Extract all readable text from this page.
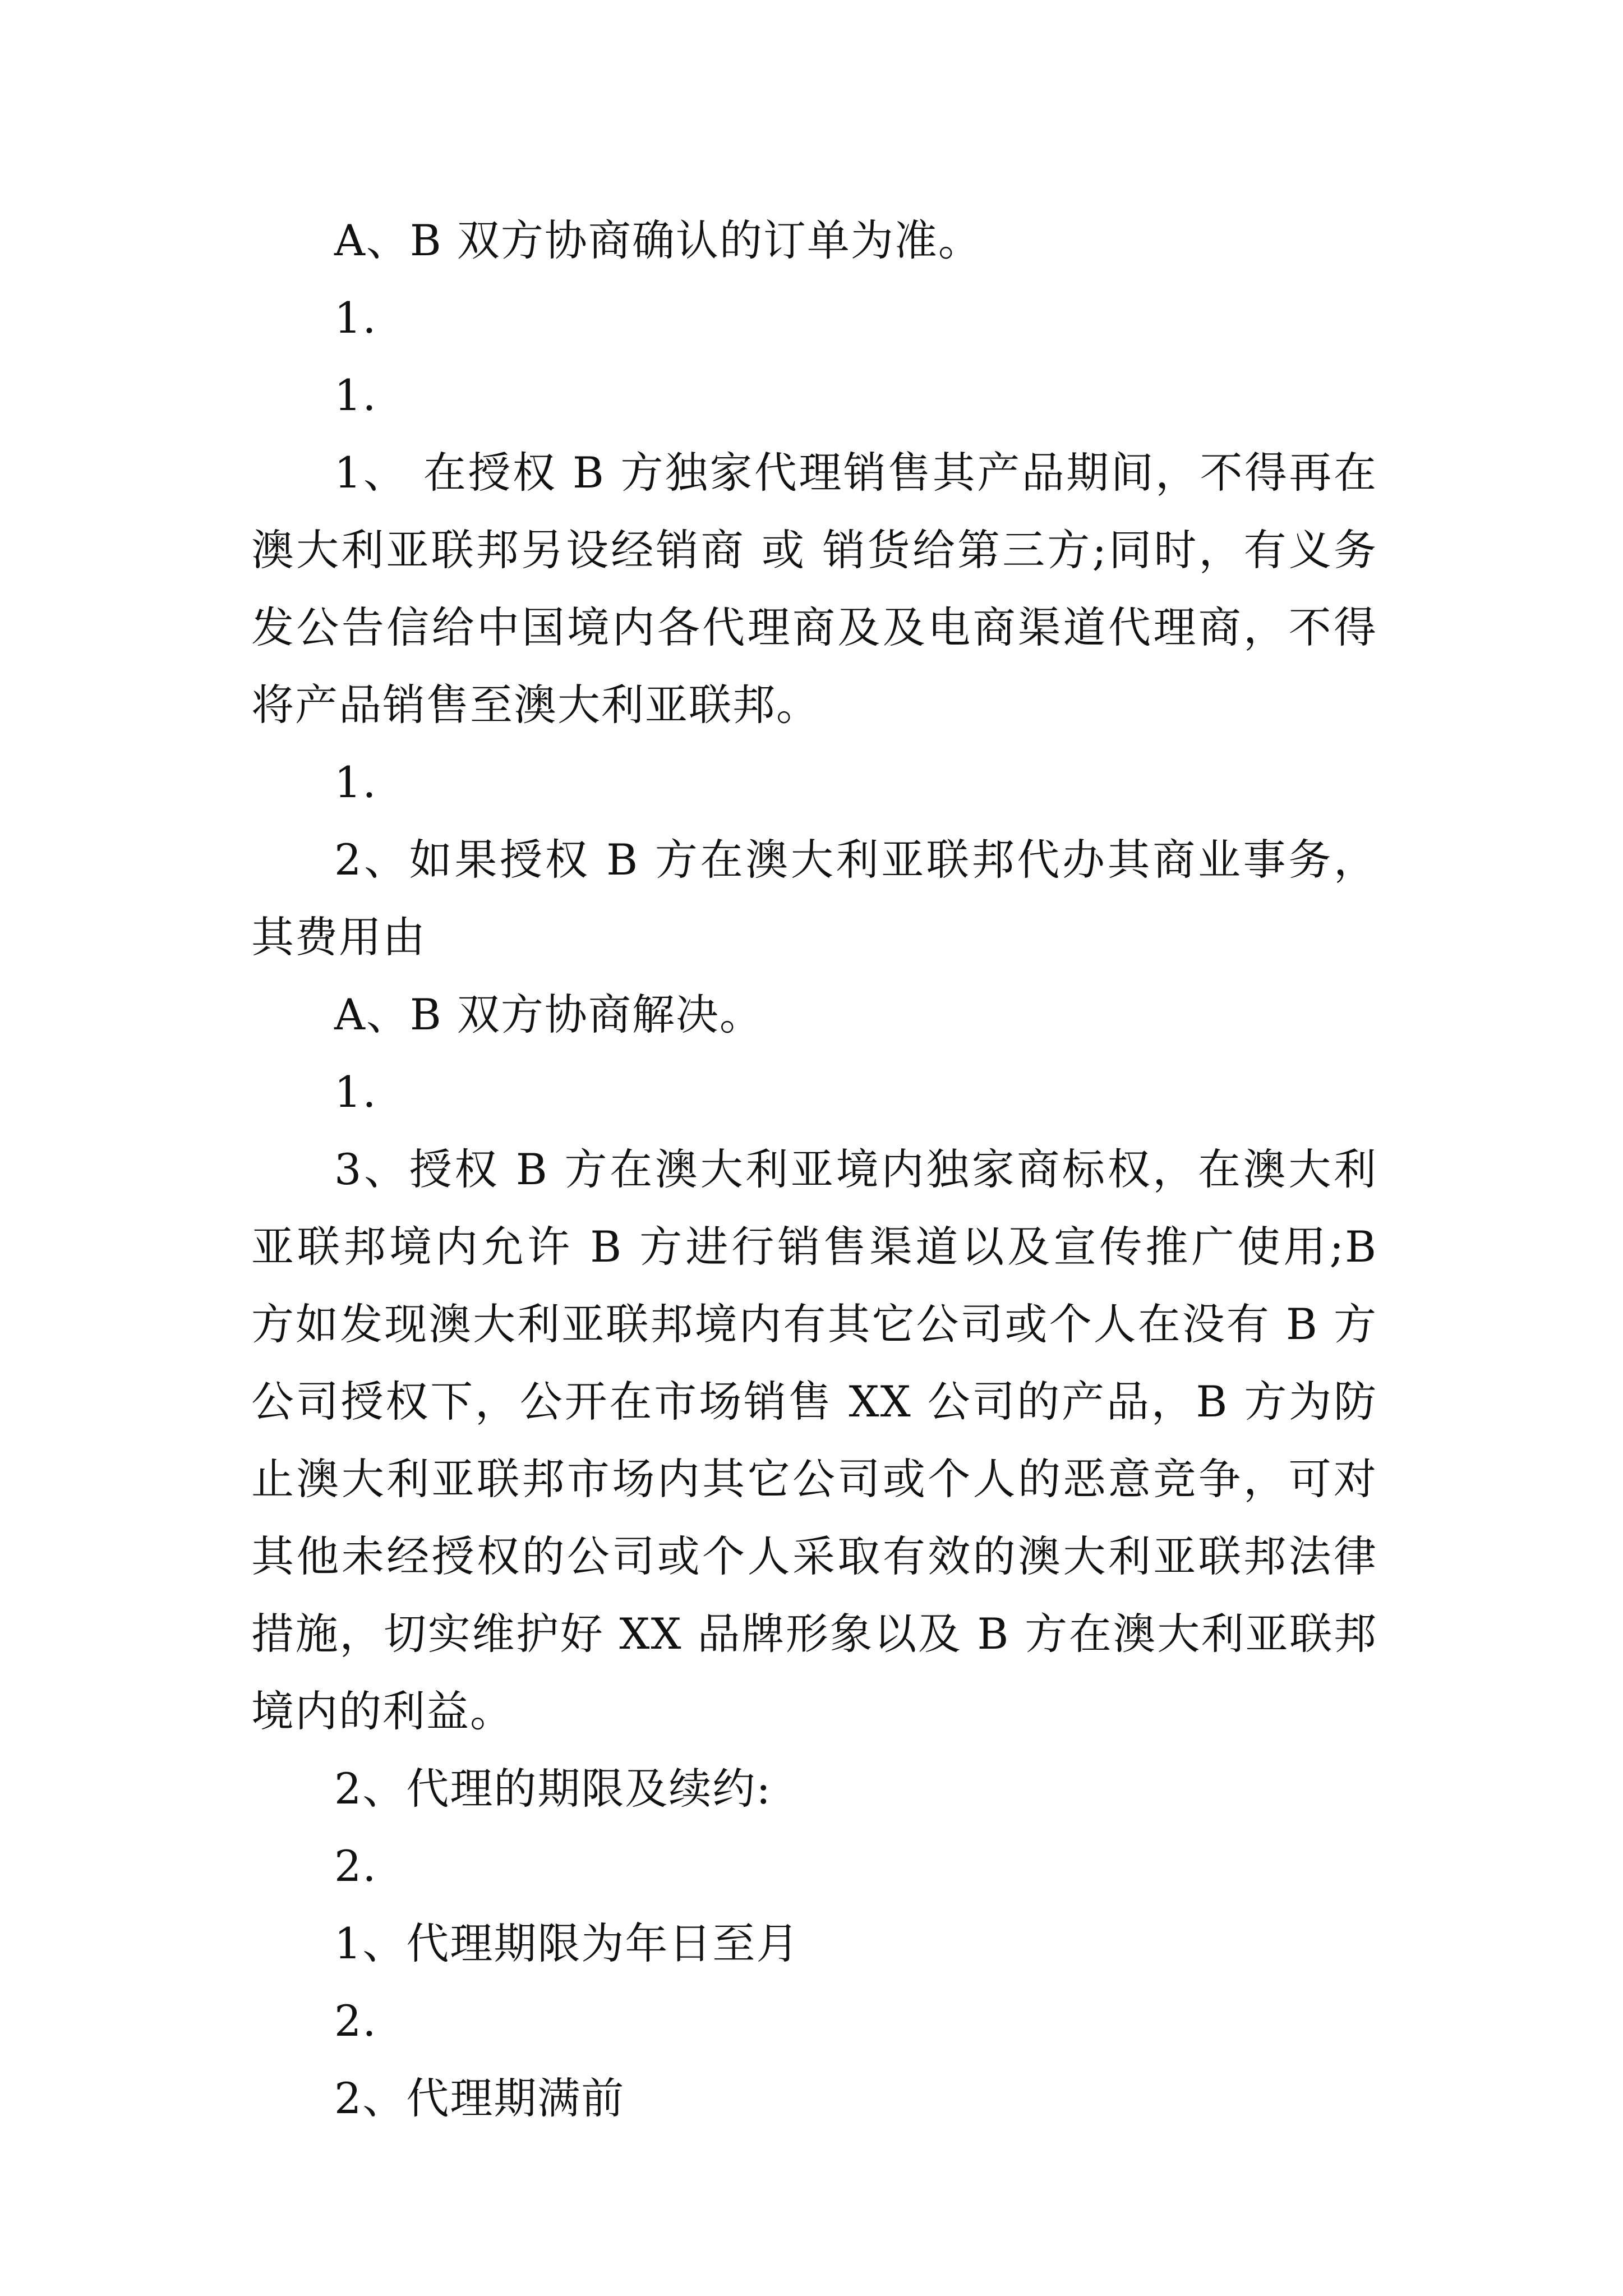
A、B 双方协商确认的订单为准。

1.

1.

1、 在授权 B 方独家代理销售其产品期间，不得再在澳大利亚联邦另设经销商 或 销货给第三方;同时，有义务发公告信给中国境内各代理商及及电商渠道代理商，不得将产品销售至澳大利亚联邦。

1.

2、如果授权 B 方在澳大利亚联邦代办其商业事务，其费用由

A、B 双方协商解决。

1.

3、授权 B 方在澳大利亚境内独家商标权，在澳大利亚联邦境内允许 B 方进行销售渠道以及宣传推广使用;B 方如发现澳大利亚联邦境内有其它公司或个人在没有 B 方公司授权下，公开在市场销售 XX 公司的产品，B 方为防止澳大利亚联邦市场内其它公司或个人的恶意竞争，可对其他未经授权的公司或个人采取有效的澳大利亚联邦法律措施，切实维护好 XX 品牌形象以及 B 方在澳大利亚联邦境内的利益。

2、代理的期限及续约:

2.

1、代理期限为年日至月

2.

2、代理期满前
